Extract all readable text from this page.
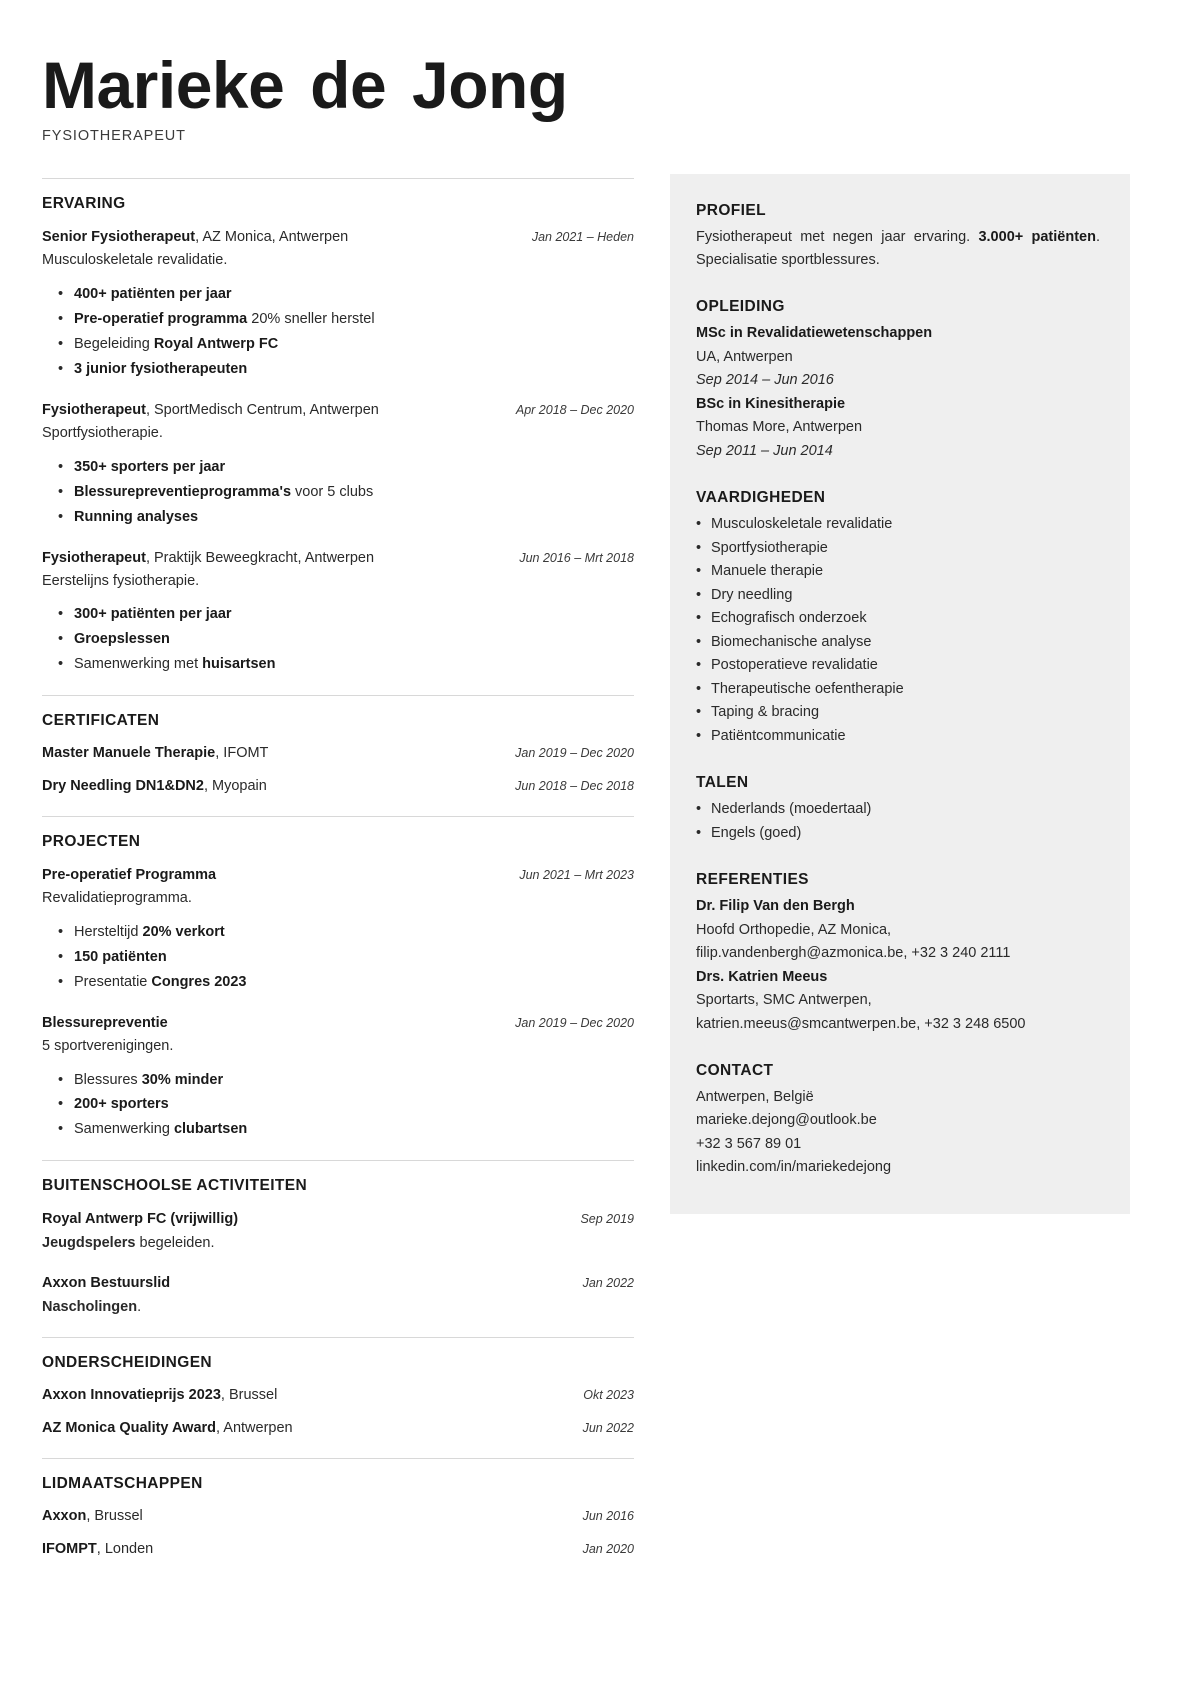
Marieke de Jong
FYSIOTHERAPEUT
ERVARING
Senior Fysiotherapeut, AZ Monica, Antwerpen	Jan 2021 – Heden
Musculoskeletale revalidatie.
• 400+ patiënten per jaar
• Pre-operatief programma 20% sneller herstel
• Begeleiding Royal Antwerp FC
• 3 junior fysiotherapeuten
Fysiotherapeut, SportMedisch Centrum, Antwerpen	Apr 2018 – Dec 2020
Sportfysiotherapie.
• 350+ sporters per jaar
• Blessurepreventieprogramma's voor 5 clubs
• Running analyses
Fysiotherapeut, Praktijk Beweegkracht, Antwerpen	Jun 2016 – Mrt 2018
Eerstelijns fysiotherapie.
• 300+ patiënten per jaar
• Groepslessen
• Samenwerking met huisartsen
CERTIFICATEN
Master Manuele Therapie, IFOMT	Jan 2019 – Dec 2020
Dry Needling DN1&DN2, Myopain	Jun 2018 – Dec 2018
PROJECTEN
Pre-operatief Programma	Jun 2021 – Mrt 2023
Revalidatieprogramma.
• Hersteltijd 20% verkort
• 150 patiënten
• Presentatie Congres 2023
Blessurepreventie	Jan 2019 – Dec 2020
5 sportverenigingen.
• Blessures 30% minder
• 200+ sporters
• Samenwerking clubartsen
BUITENSCHOOLSE ACTIVITEITEN
Royal Antwerp FC (vrijwillig)	Sep 2019
Jeugdspelers begeleiden.
Axxon Bestuurslid	Jan 2022
Nascholingen.
ONDERSCHEIDINGEN
Axxon Innovatieprijs 2023, Brussel	Okt 2023
AZ Monica Quality Award, Antwerpen	Jun 2022
LIDMAATSCHAPPEN
Axxon, Brussel	Jun 2016
IFOMPT, Londen	Jan 2020
PROFIEL
Fysiotherapeut met negen jaar ervaring. 3.000+ patiënten. Specialisatie sportblessures.
OPLEIDING
MSc in Revalidatiewetenschappen
UA, Antwerpen
Sep 2014 – Jun 2016
BSc in Kinesitherapie
Thomas More, Antwerpen
Sep 2011 – Jun 2014
VAARDIGHEDEN
• Musculoskeletale revalidatie
• Sportfysiotherapie
• Manuele therapie
• Dry needling
• Echografisch onderzoek
• Biomechanische analyse
• Postoperatieve revalidatie
• Therapeutische oefentherapie
• Taping & bracing
• Patiëntcommunicatie
TALEN
• Nederlands (moedertaal)
• Engels (goed)
REFERENTIES
Dr. Filip Van den Bergh
Hoofd Orthopedie, AZ Monica,
filip.vandenbergh@azmonica.be, +32 3 240 2111
Drs. Katrien Meeus
Sportarts, SMC Antwerpen,
katrien.meeus@smcantwerpen.be, +32 3 248 6500
CONTACT
Antwerpen, België
marieke.dejong@outlook.be
+32 3 567 89 01
linkedin.com/in/mariekedejong
